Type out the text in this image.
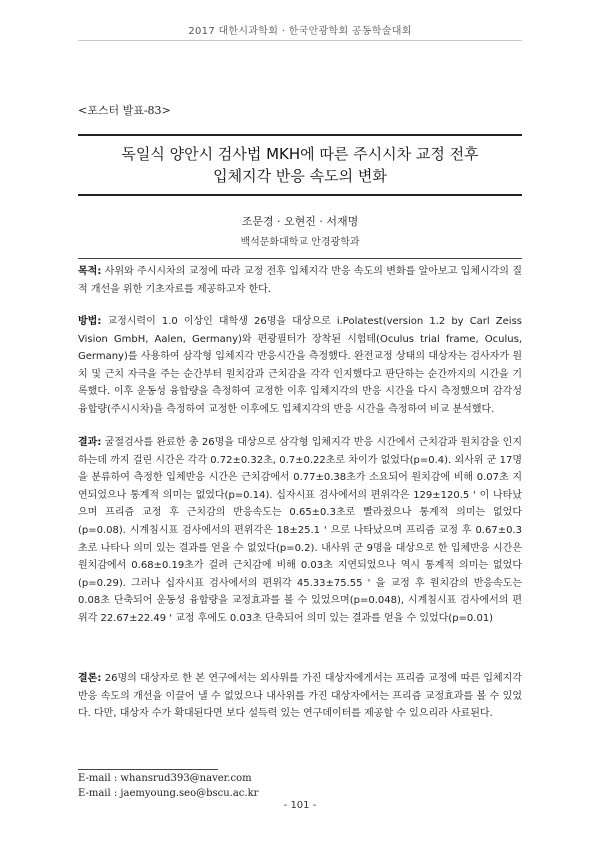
2017 대한시과학회 · 한국안광학회 공동학술대회
<포스터 발표-83>
독일식 양안시 검사법 MKH에 따른 주시시차 교정 전후
입체지각 반응 속도의 변화
조문경 · 오현진 · 서재명
백석문화대학교 안경광학과

목적: 사위와 주시시차의 교정에 따라 교정 전후 입체지각 반응 속도의 변화를 알아보고 입체시각의 질적 개선을 위한 기초자료를 제공하고자 한다.

방법: 교정시력이 1.0 이상인 대학생 26명을 대상으로 i.Polatest(version 1.2 by Carl Zeiss Vision GmbH, Aalen, Germany)와 편광필터가 장착된 시험테(Oculus trial frame, Oculus, Germany)를 사용하여 삼각형 입체지각 반응시간을 측정했다. 완전교정 상태의 대상자는 검사자가 원치 및 근치 자극을 주는 순간부터 원치감과 근치감을 각각 인지했다고 판단하는 순간까지의 시간을 기록했다. 이후 운동성 융합량을 측정하여 교정한 이후 입체지각의 반응 시간을 다시 측정했으며 감각성 융합량(주시시차)을 측정하여 교정한 이후에도 입체지각의 반응 시간을 측정하여 비교 분석했다.

결과: 굴절검사를 완료한 총 26명을 대상으로 삼각형 입체지각 반응 시간에서 근치감과 원치감을 인지하는데 까지 걸린 시간은 각각 0.72±0.32초, 0.7±0.22초로 차이가 없었다(p=0.4). 외사위 군 17명을 분류하여 측정한 입체반응 시간은 근치감에서 0.77±0.38초가 소요되어 원치감에 비해 0.07초 지연되었으나 통계적 의미는 없었다(p=0.14). 십자시표 검사에서의 편위각은 129±120.5 ' 이 나타났으며 프리즘 교정 후 근치감의 반응속도는 0.65±0.3초로 빨라졌으나 통계적 의미는 없었다(p=0.08). 시계침시표 검사에서의 편위각은 18±25.1 ' 으로 나타났으며 프리즘 교정 후 0.67±0.3초로 나타나 의미 있는 결과를 얻을 수 없었다(p=0.2). 내사위 군 9명을 대상으로 한 입체반응 시간은 원치감에서 0.68±0.19초가 걸려 근치감에 비해 0.03초 지연되었으나 역시 통계적 의미는 없었다(p=0.29). 그러나 십자시표 검사에서의 편위각 45.33±75.55 ' 을 교정 후 원치감의 반응속도는 0.08초 단축되어 운동성 융합량을 교정효과를 볼 수 있었으며(p=0.048), 시계침시표 검사에서의 편위각 22.67±22.49 ' 교정 후에도 0.03초 단축되어 의미 있는 결과를 얻을 수 있었다(p=0.01)

결론: 26명의 대상자로 한 본 연구에서는 외사위를 가진 대상자에게서는 프리즘 교정에 따른 입체지각 반응 속도의 개선을 이끌어 낼 수 없었으나 내사위를 가진 대상자에서는 프리즘 교정효과를 볼 수 있었다. 다만, 대상자 수가 확대된다면 보다 설득력 있는 연구데이터를 제공할 수 있으리라 사료된다.

E-mail : whansrud393@naver.com
E-mail : jaemyoung.seo@bscu.ac.kr
- 101 -
